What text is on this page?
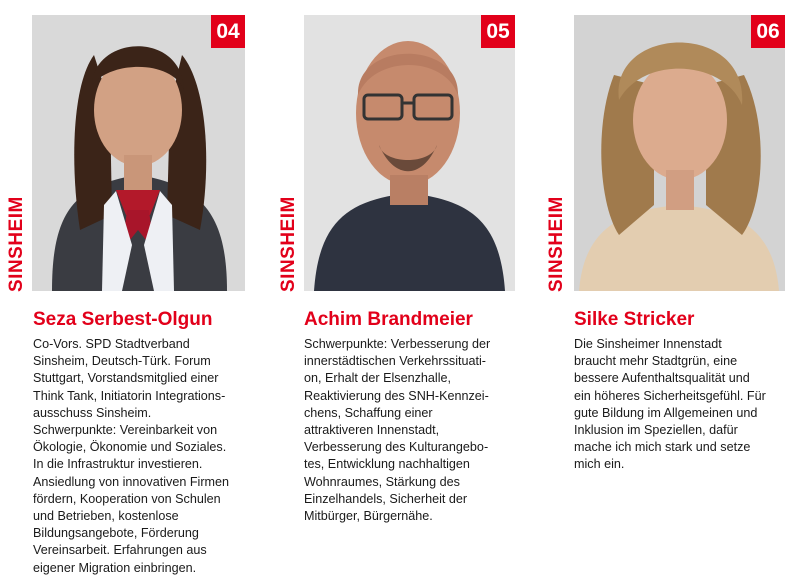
04
SINSHEIM
Seza Serbest-Olgun
Co-Vors. SPD Stadtverband
Sinsheim, Deutsch-Türk. Forum
Stuttgart, Vorstandsmitglied einer
Think Tank, Initiatorin Integrations-
ausschuss Sinsheim.
Schwerpunkte: Vereinbarkeit von
Ökologie, Ökonomie und Soziales.
In die Infrastruktur investieren.
Ansiedlung von innovativen Firmen
fördern, Kooperation von Schulen
und Betrieben, kostenlose
Bildungsangebote, Förderung
Vereinsarbeit. Erfahrungen aus
eigener Migration einbringen.
05
SINSHEIM
Achim Brandmeier
Schwerpunkte: Verbesserung der
innerstädtischen Verkehrssituati-
on, Erhalt der Elsenzhalle,
Reaktivierung des SNH-Kennzei-
chens, Schaffung einer
attraktiveren Innenstadt,
Verbesserung des Kulturangebo-
tes, Entwicklung nachhaltigen
Wohnraumes, Stärkung des
Einzelhandels, Sicherheit der
Mitbürger, Bürgernähe.
06
SINSHEIM
Silke Stricker
Die Sinsheimer Innenstadt
braucht mehr Stadtgrün, eine
bessere Aufenthaltsqualität und
ein höheres Sicherheitsgefühl. Für
gute Bildung im Allgemeinen und
Inklusion im Speziellen, dafür
mache ich mich stark und setze
mich ein.
